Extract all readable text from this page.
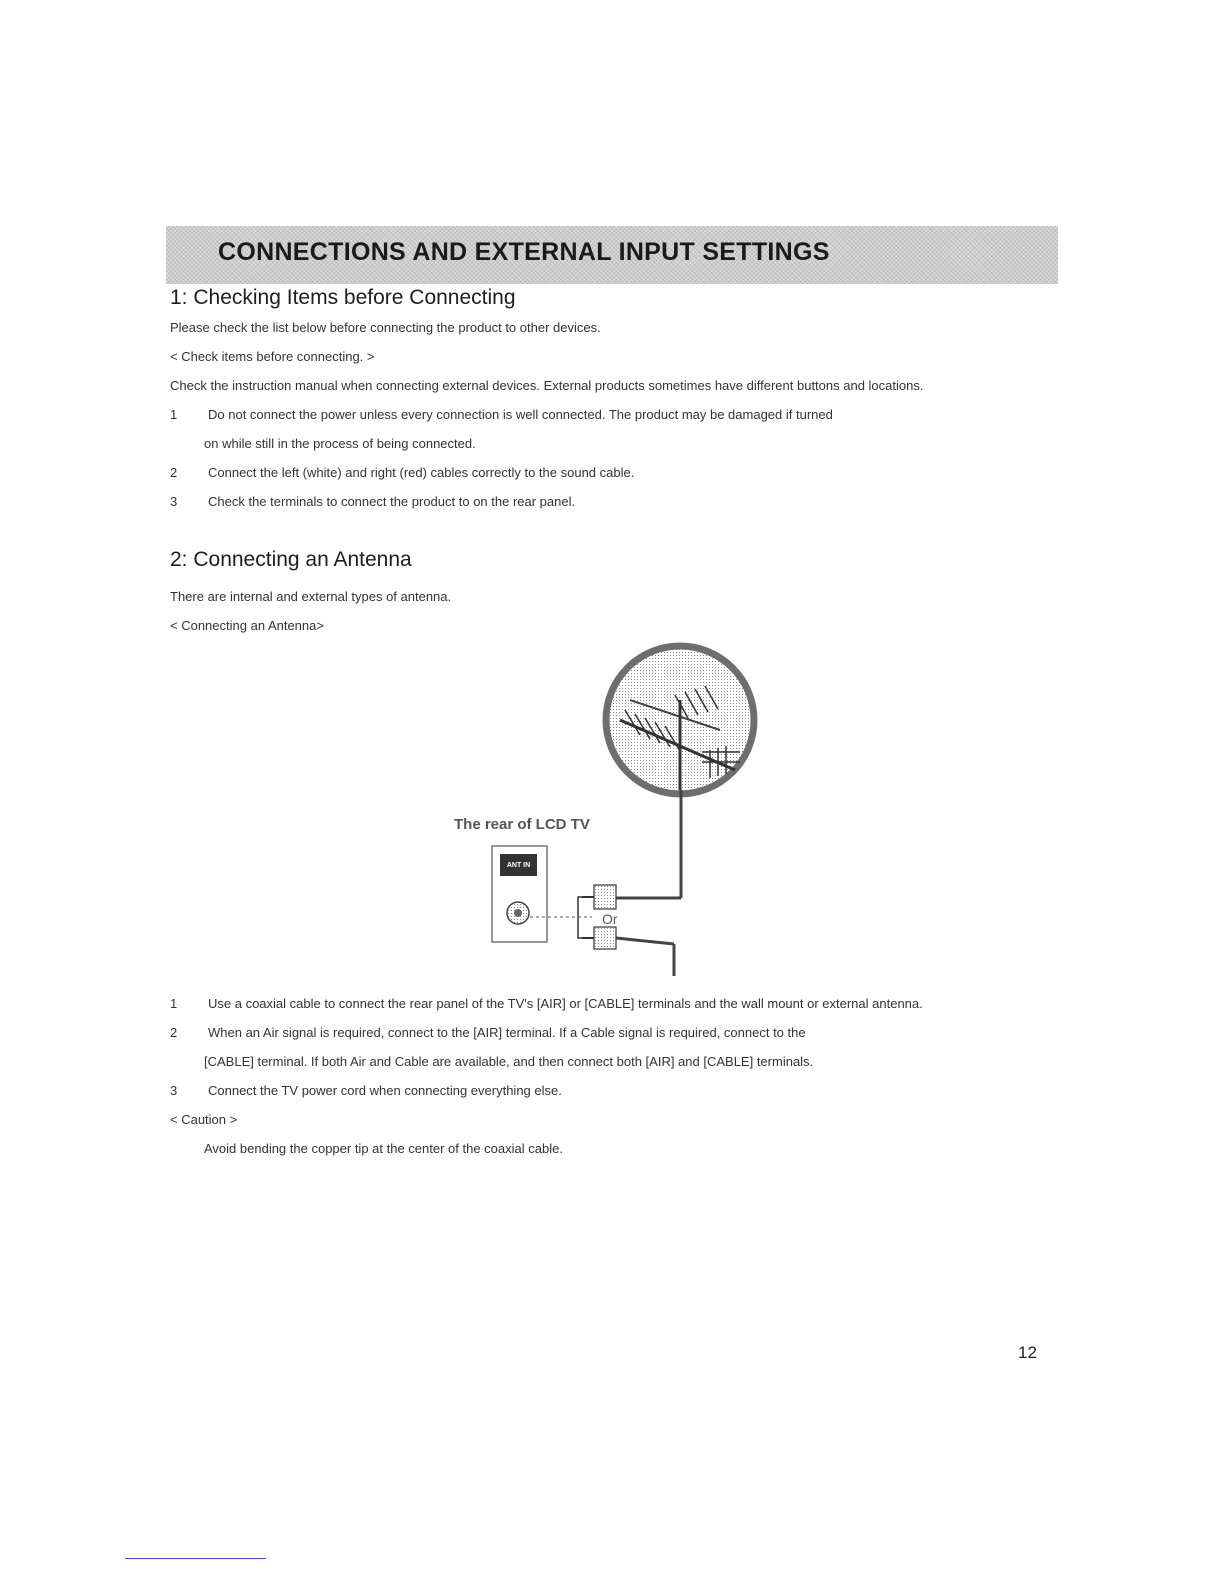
CONNECTIONS AND EXTERNAL INPUT SETTINGS
1: Checking Items before Connecting

Please check the list below before connecting the product to other devices.

< Check items before connecting. >

Check the instruction manual when connecting external devices. External products sometimes have different buttons and locations.

1 Do not connect the power unless every connection is well connected. The product may be damaged if turned
on while still in the process of being connected.
2 Connect the left (white) and right (red) cables correctly to the sound cable.
3 Check the terminals to connect the product to on the rear panel.
2: Connecting an Antenna

There are internal and external types of antenna.

< Connecting an Antenna>

The rear of LCD TV
ANT IN
Or
1 Use a coaxial cable to connect the rear panel of the TV's [AIR] or [CABLE] terminals and the wall mount or external antenna.
2 When an Air signal is required, connect to the [AIR] terminal. If a Cable signal is required, connect to the
[CABLE] terminal. If both Air and Cable are available, and then connect both [AIR] and [CABLE] terminals.
3 Connect the TV power cord when connecting everything else.

< Caution >

Avoid bending the copper tip at the center of the coaxial cable.

12
